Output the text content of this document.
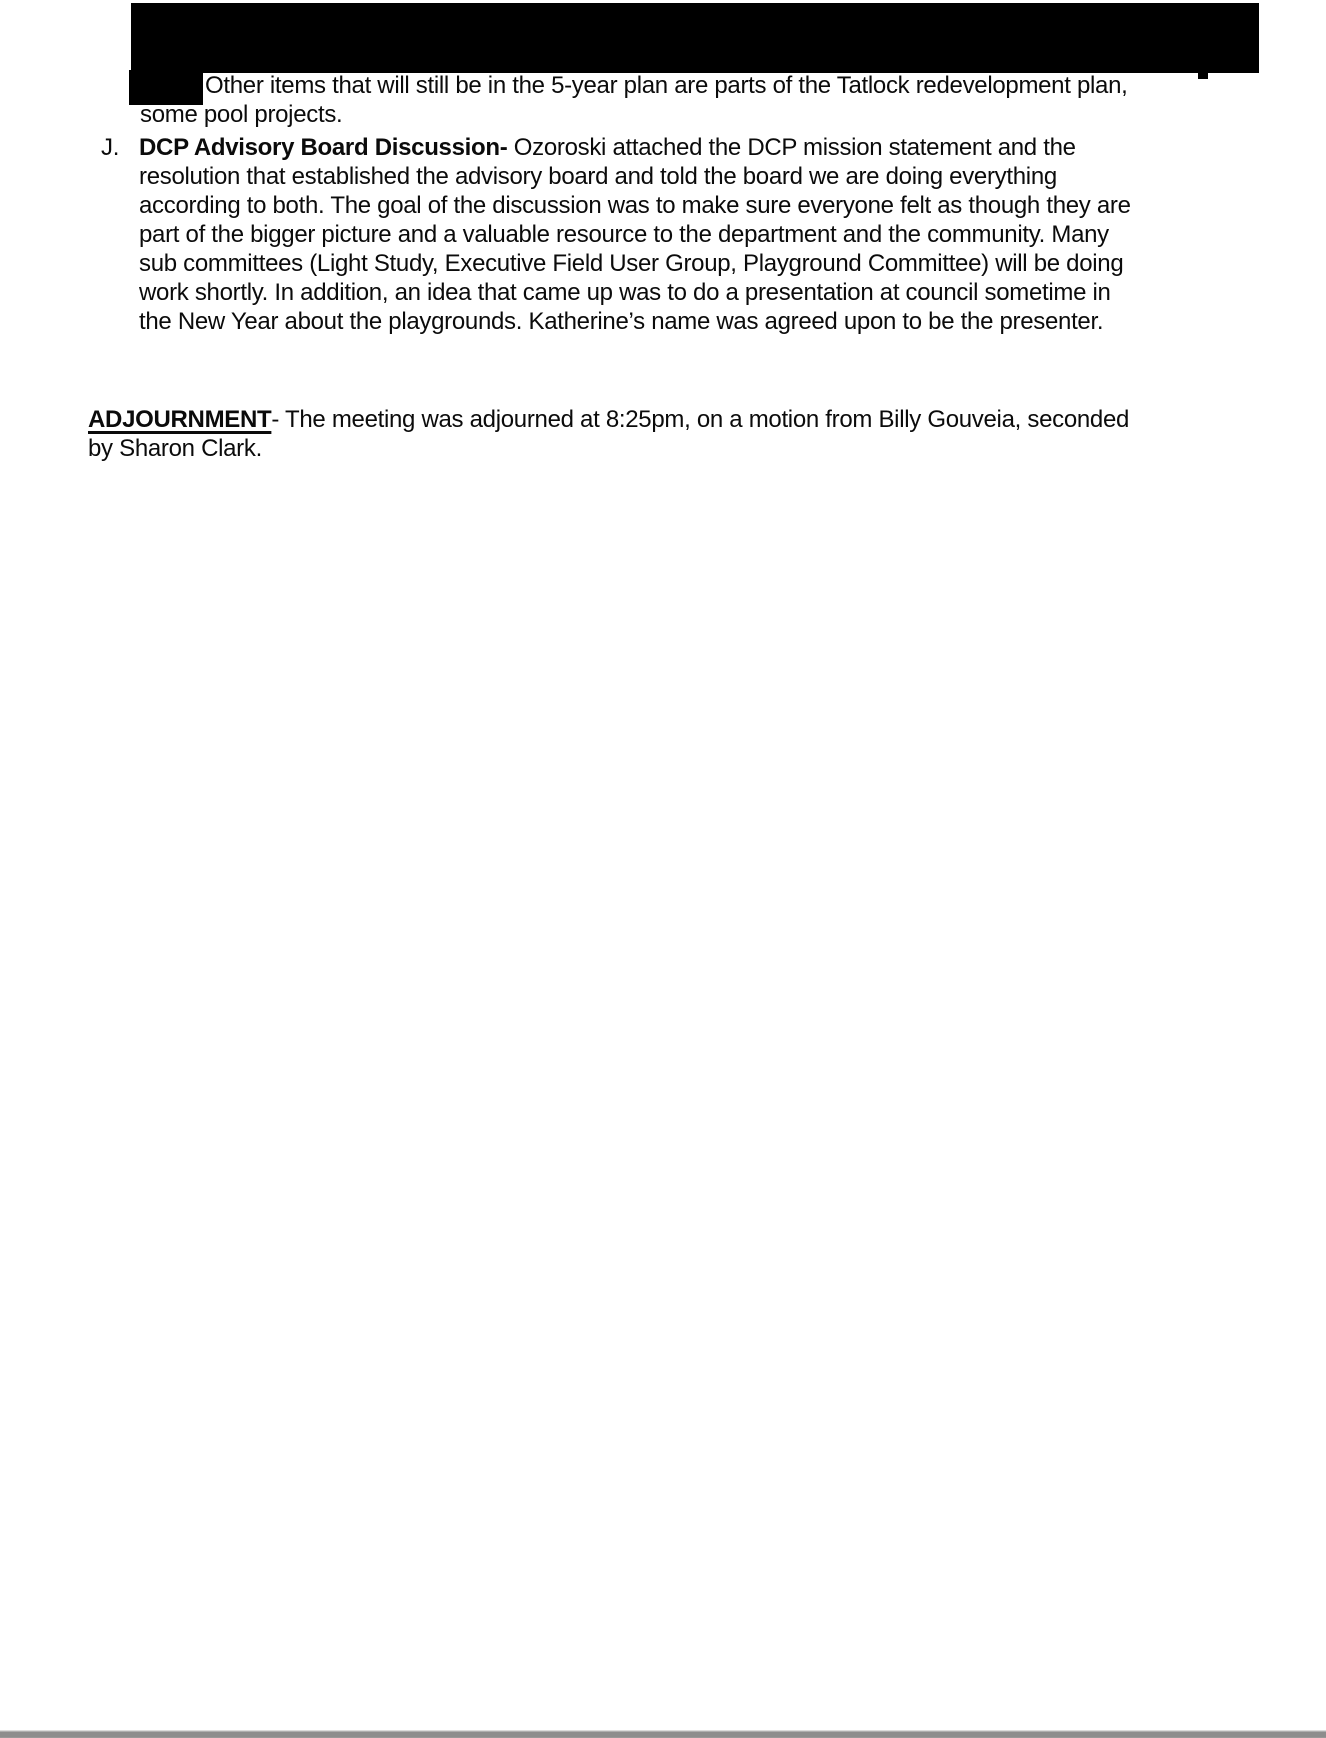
Other items that will still be in the 5-year plan are parts of the Tatlock redevelopment plan,
some pool projects.
J. DCP Advisory Board Discussion- Ozoroski attached the DCP mission statement and the
resolution that established the advisory board and told the board we are doing everything
according to both. The goal of the discussion was to make sure everyone felt as though they are
part of the bigger picture and a valuable resource to the department and the community. Many
sub committees (Light Study, Executive Field User Group, Playground Committee) will be doing
work shortly. In addition, an idea that came up was to do a presentation at council sometime in
the New Year about the playgrounds. Katherine’s name was agreed upon to be the presenter.
ADJOURNMENT- The meeting was adjourned at 8:25pm, on a motion from Billy Gouveia, seconded
by Sharon Clark.
